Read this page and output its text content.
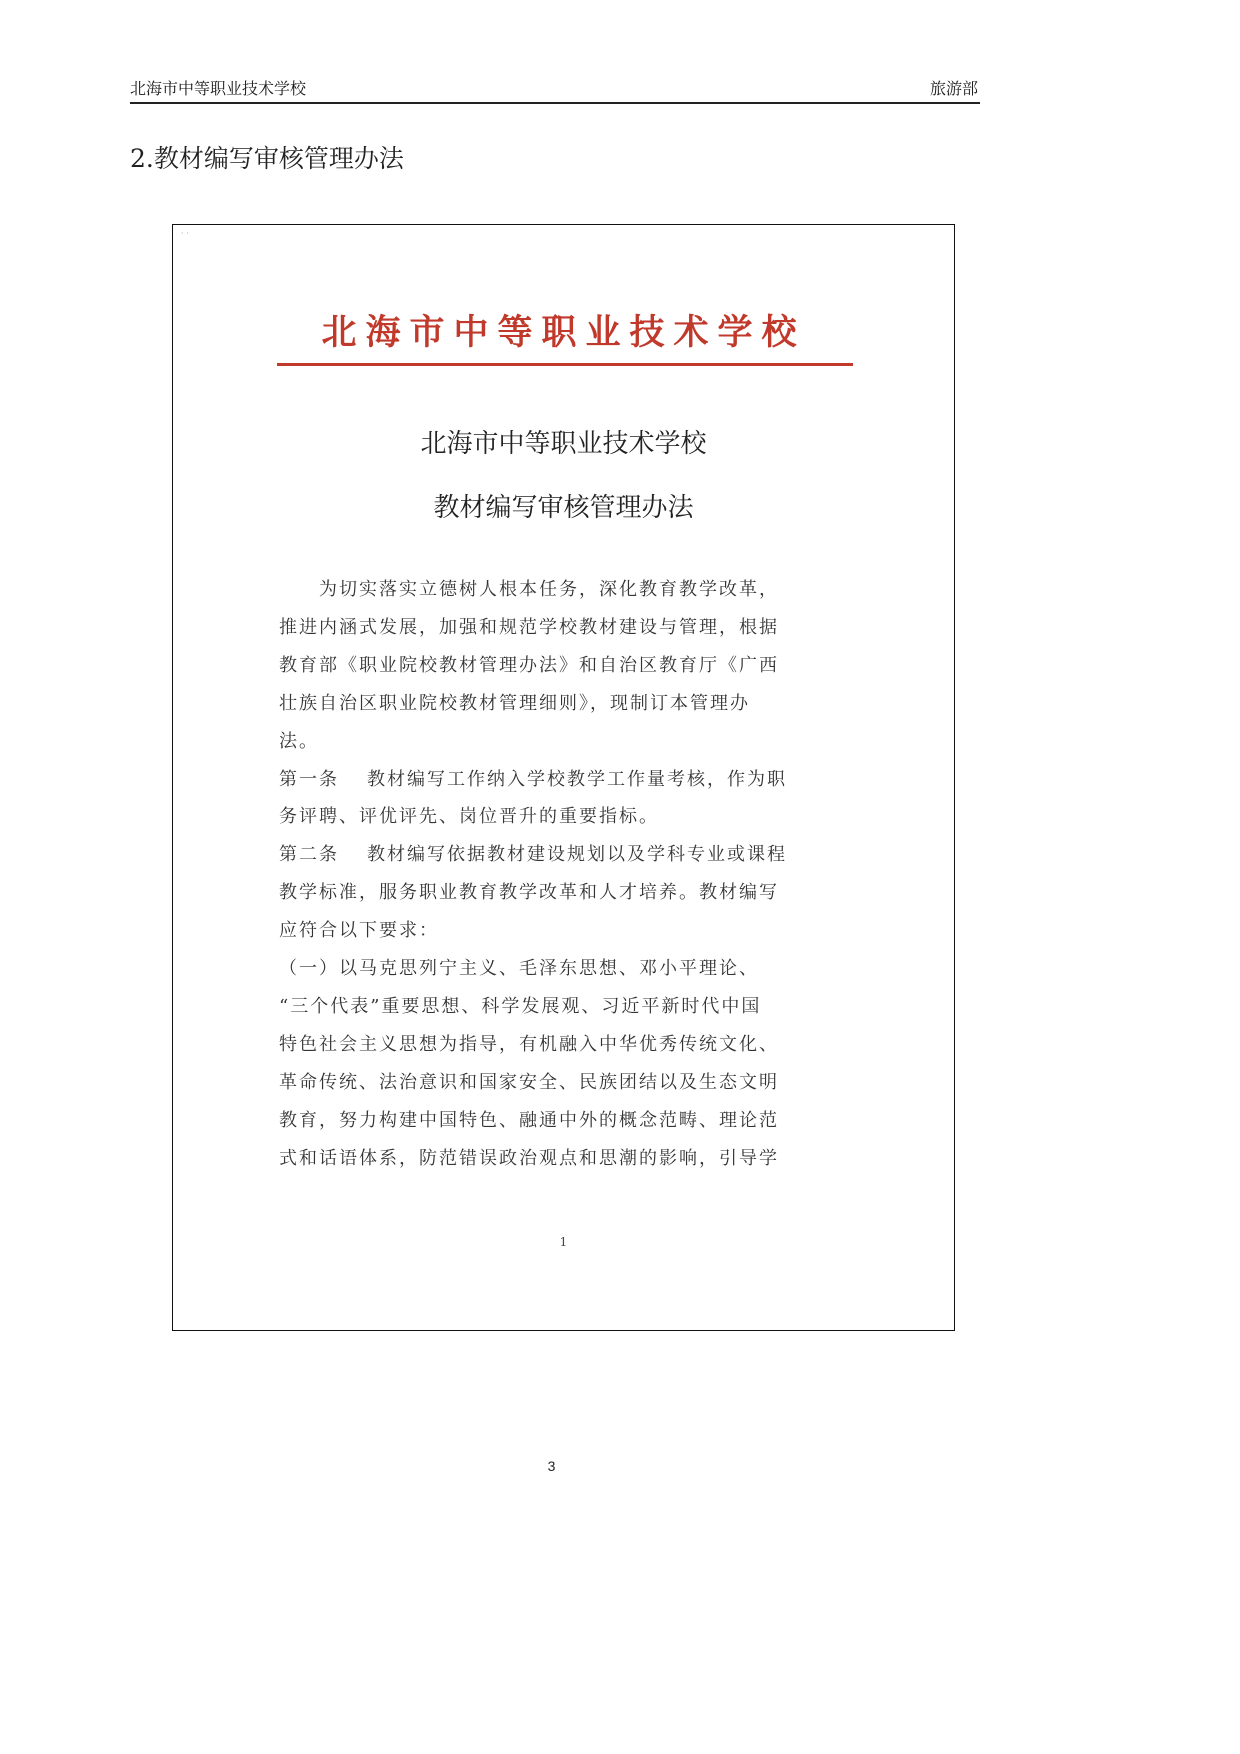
北海市中等职业技术学校	旅游部
2.教材编写审核管理办法
· ·
北海市中等职业技术学校
北海市中等职业技术学校
教材编写审核管理办法
为切实落实立德树人根本任务，深化教育教学改革，
推进内涵式发展，加强和规范学校教材建设与管理，根据
教育部《职业院校教材管理办法》和自治区教育厅《广西
壮族自治区职业院校教材管理细则》，现制订本管理办
法。
第一条 教材编写工作纳入学校教学工作量考核，作为职
务评聘、评优评先、岗位晋升的重要指标。
第二条 教材编写依据教材建设规划以及学科专业或课程
教学标准，服务职业教育教学改革和人才培养。教材编写
应符合以下要求：
（一）以马克思列宁主义、毛泽东思想、邓小平理论、
“三个代表”重要思想、科学发展观、习近平新时代中国
特色社会主义思想为指导，有机融入中华优秀传统文化、
革命传统、法治意识和国家安全、民族团结以及生态文明
教育，努力构建中国特色、融通中外的概念范畴、理论范
式和话语体系，防范错误政治观点和思潮的影响，引导学
1
3
